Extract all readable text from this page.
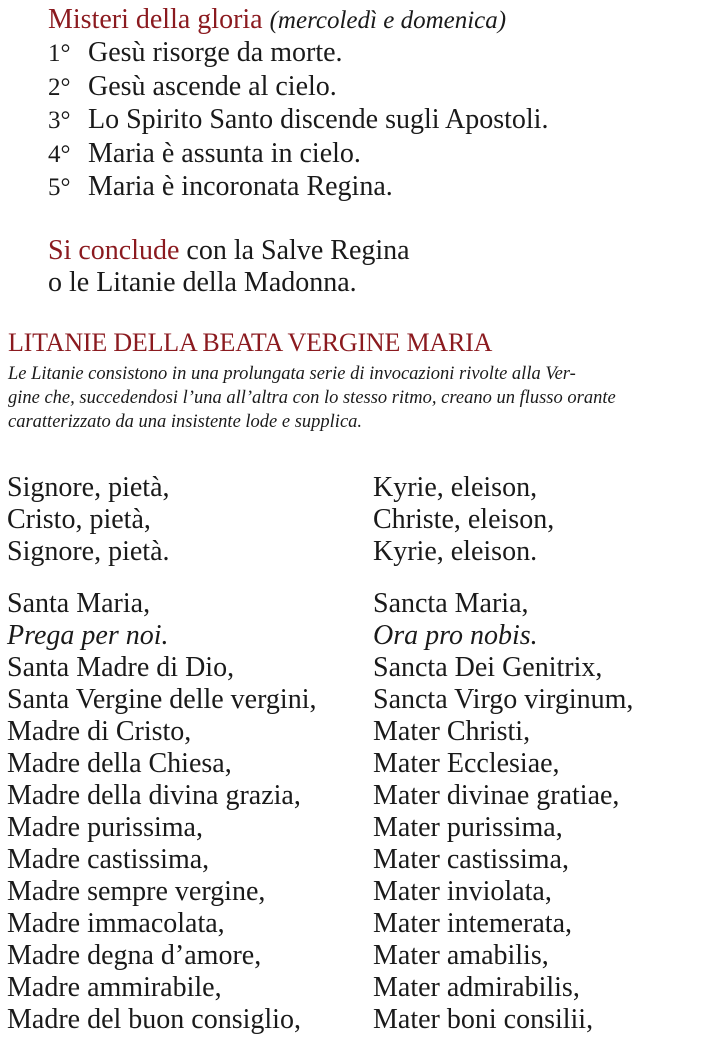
Misteri della gloria (mercoledì e domenica)
1° Gesù risorge da morte.
2° Gesù ascende al cielo.
3° Lo Spirito Santo discende sugli Apostoli.
4° Maria è assunta in cielo.
5° Maria è incoronata Regina.
Si conclude con la Salve Regina
o le Litanie della Madonna.
LITANIE DELLA BEATA VERGINE MARIA
Le Litanie consistono in una prolungata serie di invocazioni rivolte alla Ver-
gine che, succedendosi l’una all’altra con lo stesso ritmo, creano un flusso orante
caratterizzato da una insistente lode e supplica.
Signore, pietà,	Kyrie, eleison,
Cristo, pietà,	Christe, eleison,
Signore, pietà.	Kyrie, eleison.
Santa Maria,	Sancta Maria,
Prega per noi.	Ora pro nobis.
Santa Madre di Dio,	Sancta Dei Genitrix,
Santa Vergine delle vergini,	Sancta Virgo virginum,
Madre di Cristo,	Mater Christi,
Madre della Chiesa,	Mater Ecclesiae,
Madre della divina grazia,	Mater divinae gratiae,
Madre purissima,	Mater purissima,
Madre castissima,	Mater castissima,
Madre sempre vergine,	Mater inviolata,
Madre immacolata,	Mater intemerata,
Madre degna d’amore,	Mater amabilis,
Madre ammirabile,	Mater admirabilis,
Madre del buon consiglio,	Mater boni consilii,
